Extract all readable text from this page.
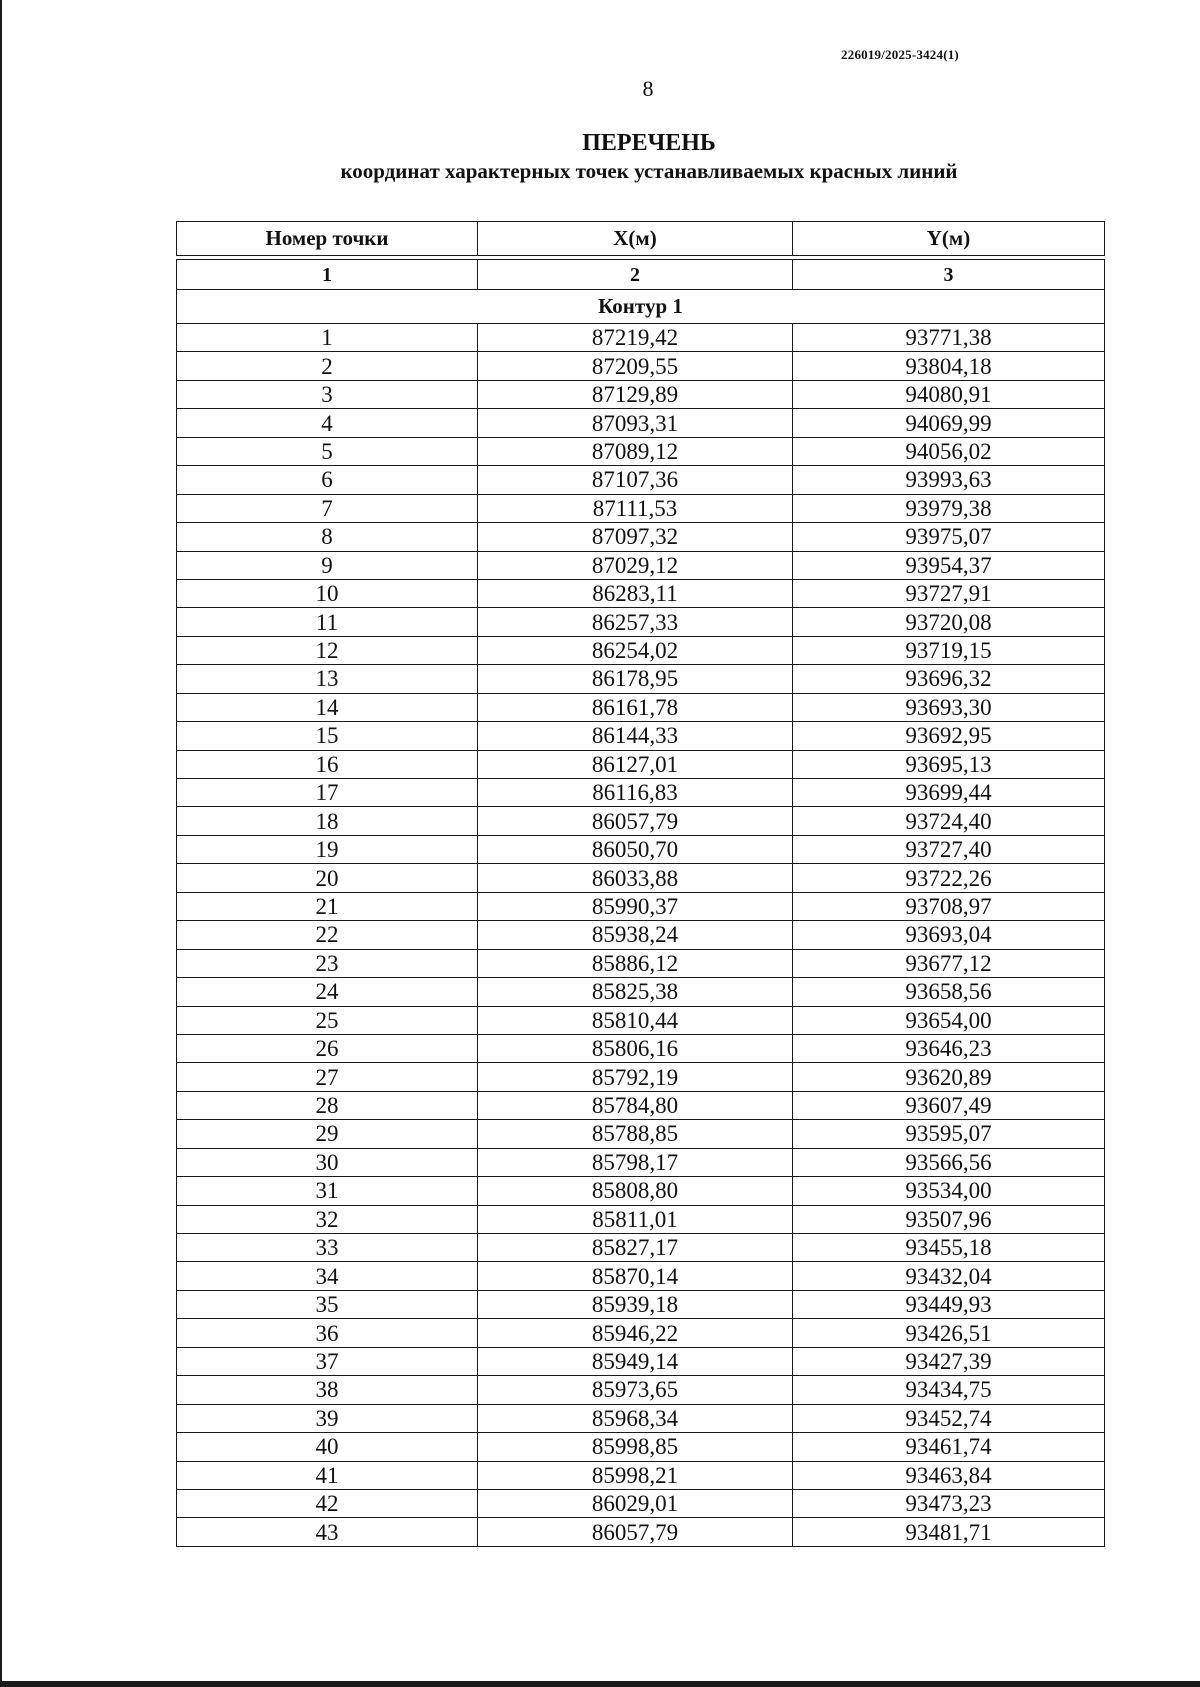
226019/2025-3424(1)
8
ПЕРЕЧЕНЬ
координат характерных точек устанавливаемых красных линий
Номер точки	X(м)	Y(м)

1	2	3
Контур 1		
1	87219,42	93771,38
2	87209,55	93804,18
3	87129,89	94080,91
4	87093,31	94069,99
5	87089,12	94056,02
6	87107,36	93993,63
7	87111,53	93979,38
8	87097,32	93975,07
9	87029,12	93954,37
10	86283,11	93727,91
11	86257,33	93720,08
12	86254,02	93719,15
13	86178,95	93696,32
14	86161,78	93693,30
15	86144,33	93692,95
16	86127,01	93695,13
17	86116,83	93699,44
18	86057,79	93724,40
19	86050,70	93727,40
20	86033,88	93722,26
21	85990,37	93708,97
22	85938,24	93693,04
23	85886,12	93677,12
24	85825,38	93658,56
25	85810,44	93654,00
26	85806,16	93646,23
27	85792,19	93620,89
28	85784,80	93607,49
29	85788,85	93595,07
30	85798,17	93566,56
31	85808,80	93534,00
32	85811,01	93507,96
33	85827,17	93455,18
34	85870,14	93432,04
35	85939,18	93449,93
36	85946,22	93426,51
37	85949,14	93427,39
38	85973,65	93434,75
39	85968,34	93452,74
40	85998,85	93461,74
41	85998,21	93463,84
42	86029,01	93473,23
43	86057,79	93481,71
